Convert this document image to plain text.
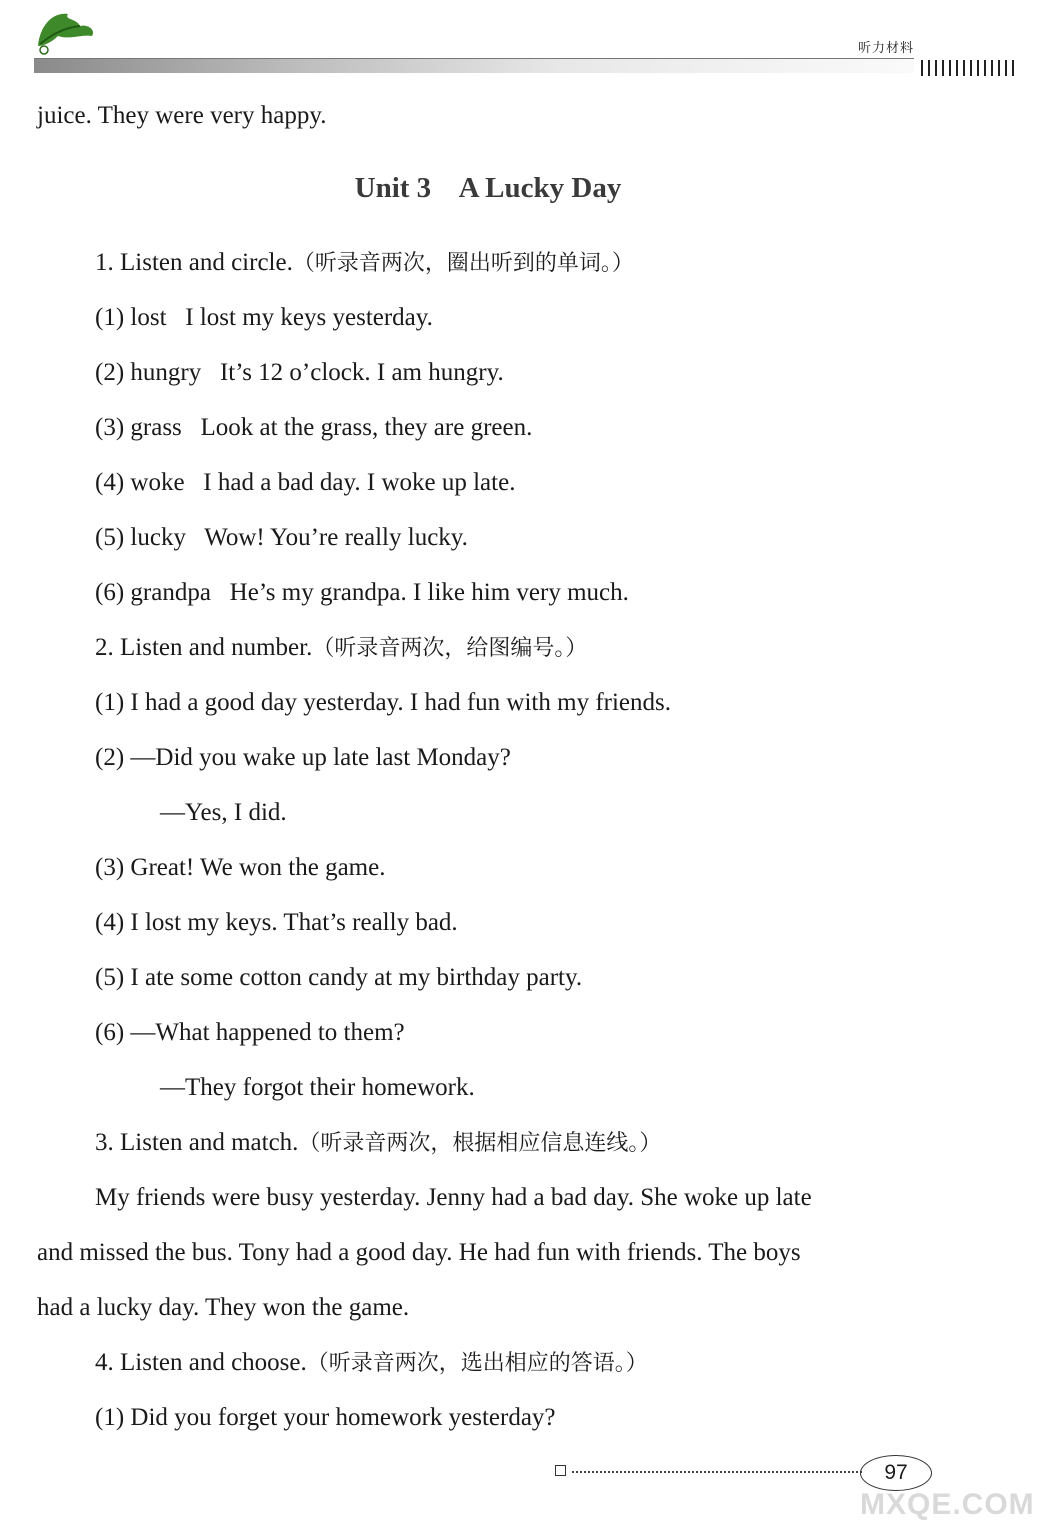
听力材料
Unit 3    A Lucky Day
juice. They were very happy.
1. Listen and circle.（听录音两次，圈出听到的单词。）
(1) lost   I lost my keys yesterday.
(2) hungry   It’s 12 o’clock. I am hungry.
(3) grass   Look at the grass, they are green.
(4) woke   I had a bad day. I woke up late.
(5) lucky   Wow! You’re really lucky.
(6) grandpa   He’s my grandpa. I like him very much.
2. Listen and number.（听录音两次，给图编号。）
(1) I had a good day yesterday. I had fun with my friends.
(2) —Did you wake up late last Monday?
—Yes, I did.
(3) Great! We won the game.
(4) I lost my keys. That’s really bad.
(5) I ate some cotton candy at my birthday party.
(6) —What happened to them?
—They forgot their homework.
3. Listen and match.（听录音两次，根据相应信息连线。）
My friends were busy yesterday. Jenny had a bad day. She woke up late
and missed the bus. Tony had a good day. He had fun with friends. The boys
had a lucky day. They won the game.
4. Listen and choose.（听录音两次，选出相应的答语。）
(1) Did you forget your homework yesterday?
97
MXQE.COM
